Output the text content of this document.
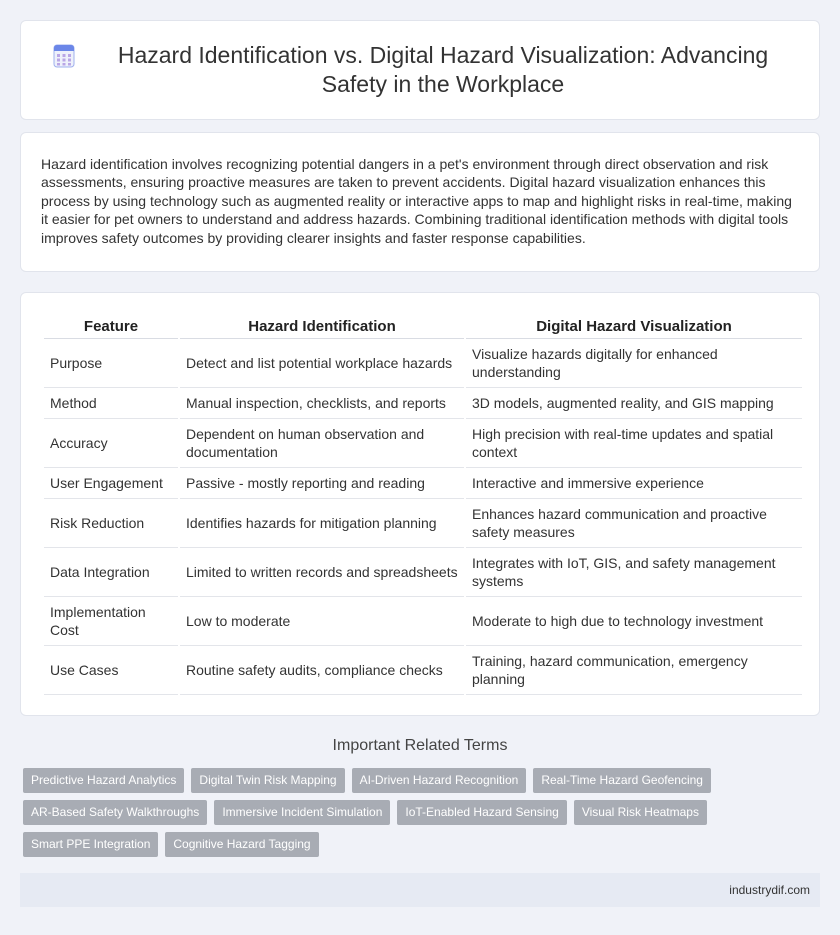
Hazard Identification vs. Digital Hazard Visualization: Advancing Safety in the Workplace

Hazard identification involves recognizing potential dangers in a pet's environment through direct observation and risk assessments, ensuring proactive measures are taken to prevent accidents. Digital hazard visualization enhances this process by using technology such as augmented reality or interactive apps to map and highlight risks in real-time, making it easier for pet owners to understand and address hazards. Combining traditional identification methods with digital tools improves safety outcomes by providing clearer insights and faster response capabilities.

Feature	Hazard Identification	Digital Hazard Visualization
Purpose	Detect and list potential workplace hazards	Visualize hazards digitally for enhanced understanding
Method	Manual inspection, checklists, and reports	3D models, augmented reality, and GIS mapping
Accuracy	Dependent on human observation and documentation	High precision with real-time updates and spatial context
User Engagement	Passive - mostly reporting and reading	Interactive and immersive experience
Risk Reduction	Identifies hazards for mitigation planning	Enhances hazard communication and proactive safety measures
Data Integration	Limited to written records and spreadsheets	Integrates with IoT, GIS, and safety management systems
Implementation Cost	Low to moderate	Moderate to high due to technology investment
Use Cases	Routine safety audits, compliance checks	Training, hazard communication, emergency planning
Important Related Terms
Predictive Hazard Analytics	Digital Twin Risk Mapping	AI-Driven Hazard Recognition	Real-Time Hazard Geofencing
AR-Based Safety Walkthroughs	Immersive Incident Simulation	IoT-Enabled Hazard Sensing	Visual Risk Heatmaps
Smart PPE Integration	Cognitive Hazard Tagging
industrydif.com
